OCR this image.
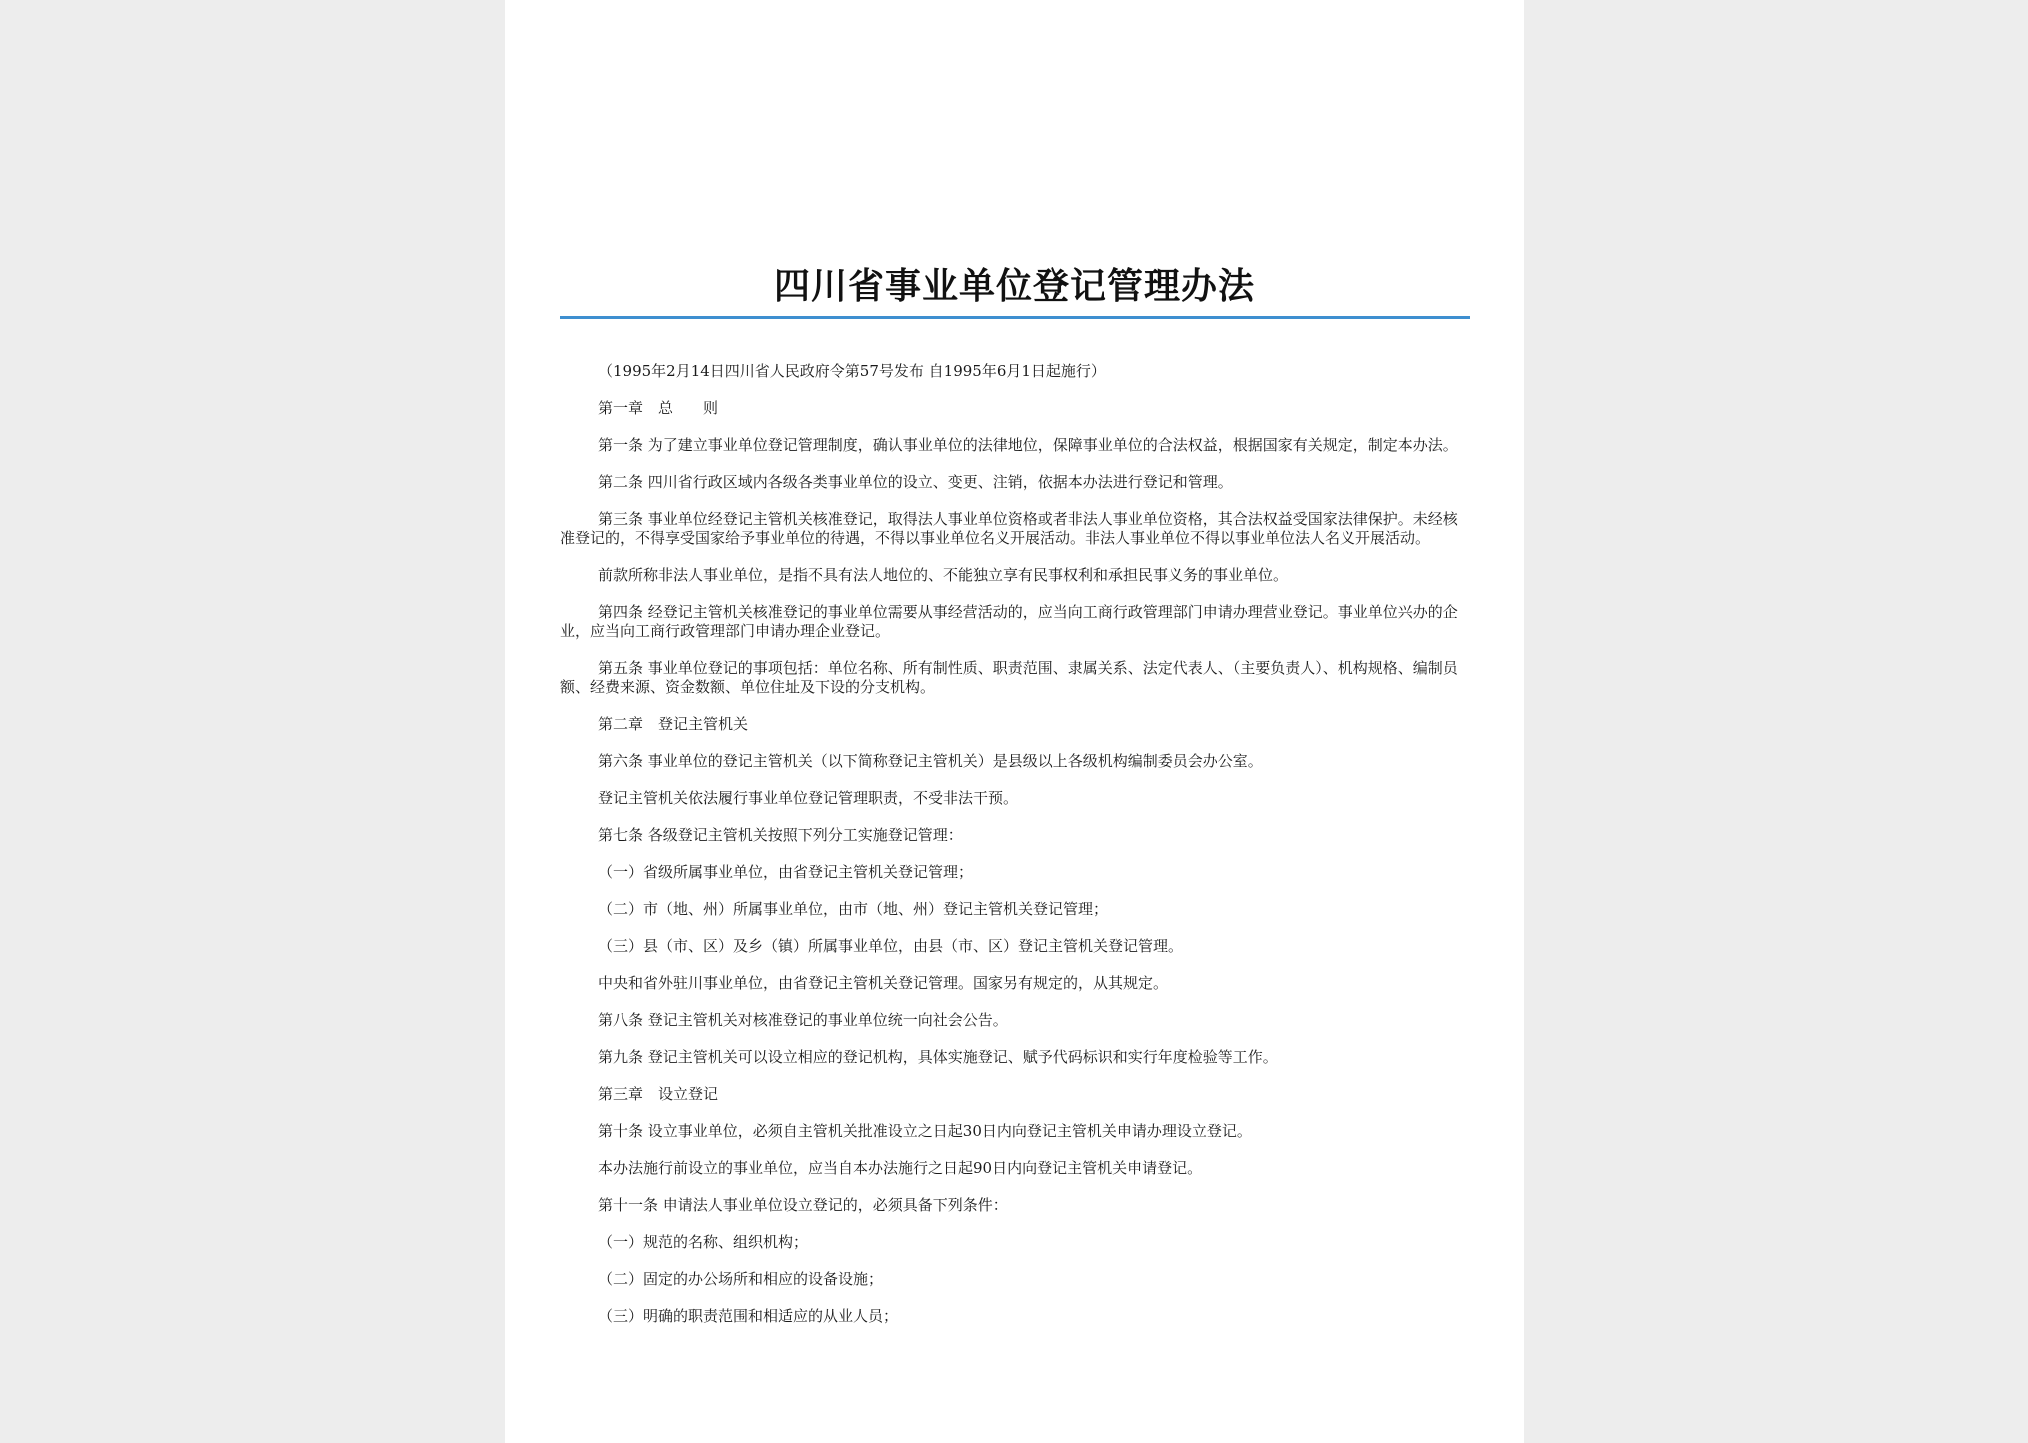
四川省事业单位登记管理办法

（1995年2月14日四川省人民政府令第57号发布 自1995年6月1日起施行）

第一章　总　　则

第一条 为了建立事业单位登记管理制度，确认事业单位的法律地位，保障事业单位的合法权益，根据国家有关规定，制定本办法。

第二条 四川省行政区域内各级各类事业单位的设立、变更、注销，依据本办法进行登记和管理。

第三条 事业单位经登记主管机关核准登记，取得法人事业单位资格或者非法人事业单位资格，其合法权益受国家法律保护。未经核准登记的，不得享受国家给予事业单位的待遇，不得以事业单位名义开展活动。非法人事业单位不得以事业单位法人名义开展活动。

前款所称非法人事业单位，是指不具有法人地位的、不能独立享有民事权利和承担民事义务的事业单位。

第四条 经登记主管机关核准登记的事业单位需要从事经营活动的，应当向工商行政管理部门申请办理营业登记。事业单位兴办的企业，应当向工商行政管理部门申请办理企业登记。

第五条 事业单位登记的事项包括：单位名称、所有制性质、职责范围、隶属关系、法定代表人、（主要负责人）、机构规格、编制员额、经费来源、资金数额、单位住址及下设的分支机构。

第二章　登记主管机关

第六条 事业单位的登记主管机关（以下简称登记主管机关）是县级以上各级机构编制委员会办公室。

登记主管机关依法履行事业单位登记管理职责，不受非法干预。

第七条 各级登记主管机关按照下列分工实施登记管理：

（一）省级所属事业单位，由省登记主管机关登记管理；

（二）市（地、州）所属事业单位，由市（地、州）登记主管机关登记管理；

（三）县（市、区）及乡（镇）所属事业单位，由县（市、区）登记主管机关登记管理。

中央和省外驻川事业单位，由省登记主管机关登记管理。国家另有规定的，从其规定。

第八条 登记主管机关对核准登记的事业单位统一向社会公告。

第九条 登记主管机关可以设立相应的登记机构，具体实施登记、赋予代码标识和实行年度检验等工作。

第三章　设立登记

第十条 设立事业单位，必须自主管机关批准设立之日起30日内向登记主管机关申请办理设立登记。

本办法施行前设立的事业单位，应当自本办法施行之日起90日内向登记主管机关申请登记。

第十一条 申请法人事业单位设立登记的，必须具备下列条件：

（一）规范的名称、组织机构；

（二）固定的办公场所和相应的设备设施；

（三）明确的职责范围和相适应的从业人员；
